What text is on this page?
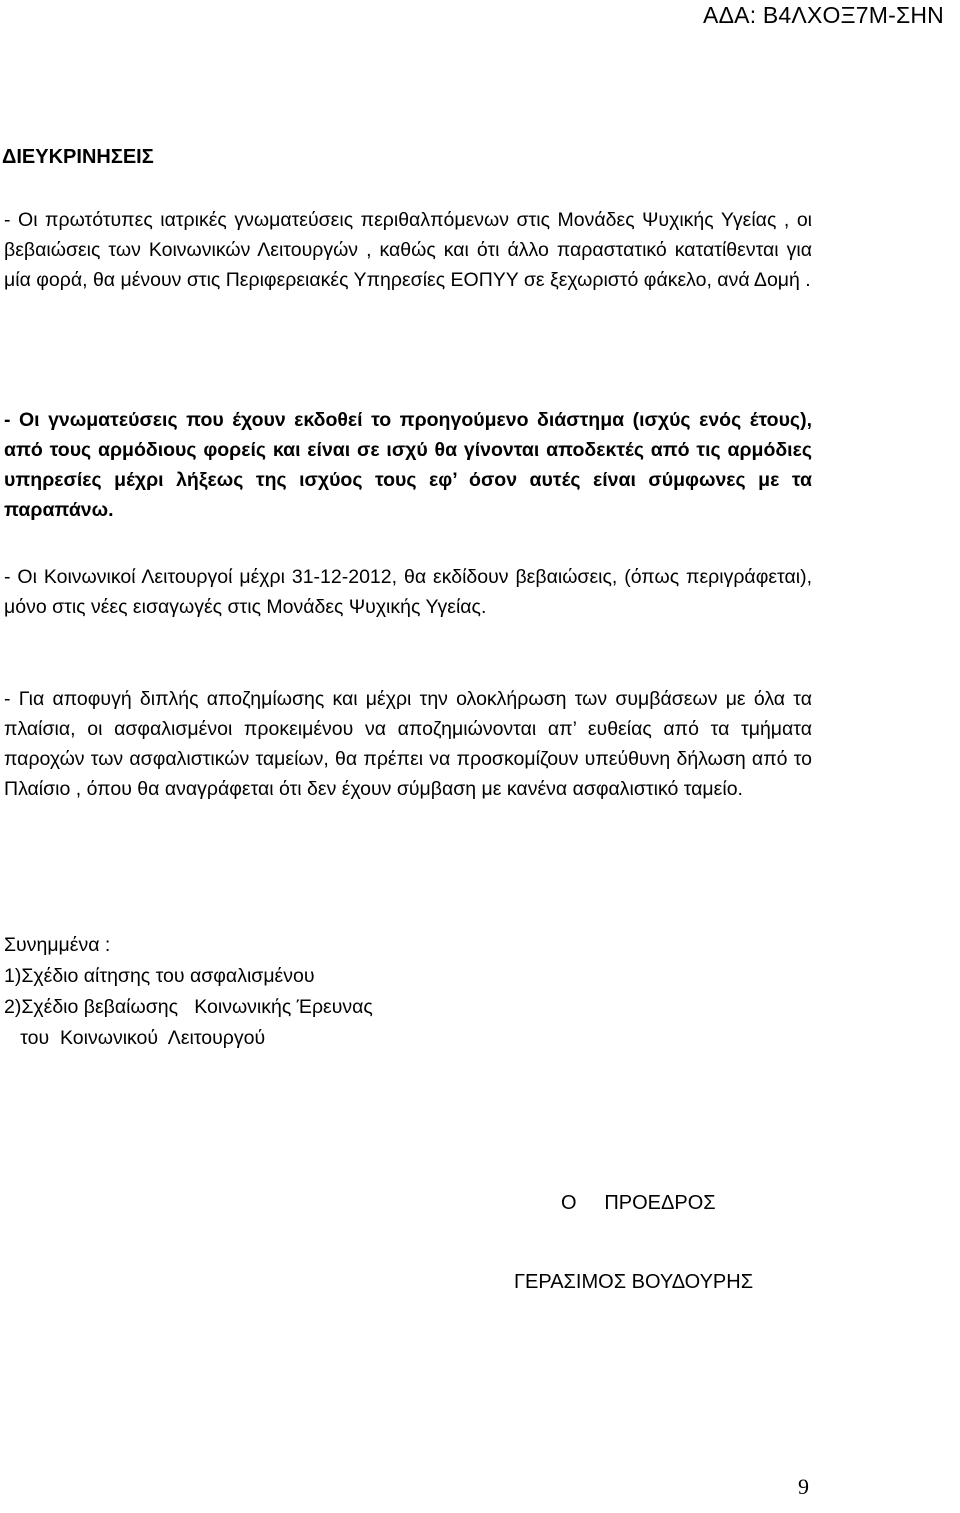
ΑΔΑ: Β4ΛΧΟΞ7Μ-ΣΗΝ
ΔΙΕΥΚΡΙΝΗΣΕΙΣ

- Οι πρωτότυπες ιατρικές γνωματεύσεις περιθαλπόμενων στις Μονάδες Ψυχικής Υγείας , οι βεβαιώσεις των Κοινωνικών Λειτουργών , καθώς και ότι άλλο παραστατικό κατατίθενται για μία φορά, θα μένουν στις Περιφερειακές Υπηρεσίες ΕΟΠΥΥ σε ξεχωριστό φάκελο, ανά Δομή .

- Οι γνωματεύσεις που έχουν εκδοθεί το προηγούμενο διάστημα (ισχύς ενός έτους), από τους αρμόδιους φορείς και είναι σε ισχύ θα γίνονται αποδεκτές από τις αρμόδιες υπηρεσίες μέχρι λήξεως της ισχύος τους εφ’ όσον αυτές είναι σύμφωνες με τα παραπάνω.

- Οι Κοινωνικοί Λειτουργοί μέχρι 31-12-2012, θα εκδίδουν βεβαιώσεις, (όπως περιγράφεται), μόνο στις νέες εισαγωγές στις Μονάδες Ψυχικής Υγείας.

- Για αποφυγή διπλής αποζημίωσης και μέχρι την ολοκλήρωση των συμβάσεων με όλα τα πλαίσια, οι ασφαλισμένοι προκειμένου να αποζημιώνονται απ’ ευθείας από τα τμήματα παροχών των ασφαλιστικών ταμείων, θα πρέπει να προσκομίζουν υπεύθυνη δήλωση από το Πλαίσιο , όπου θα αναγράφεται ότι δεν έχουν σύμβαση με κανένα ασφαλιστικό ταμείο.

Συνημμένα :
1)Σχέδιο αίτησης του ασφαλισμένου
2)Σχέδιο βεβαίωσης   Κοινωνικής Έρευνας
του  Κοινωνικού  Λειτουργού
Ο     ΠΡΟΕΔΡΟΣ
ΓΕΡΑΣΙΜΟΣ ΒΟΥΔΟΥΡΗΣ
9
